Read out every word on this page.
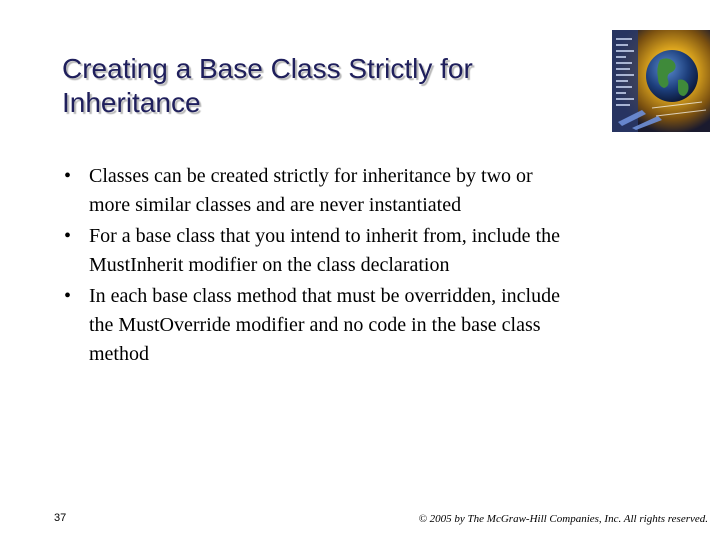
Creating a Base Class Strictly for
Inheritance
• Classes can be created strictly for inheritance by two or
more similar classes and are never instantiated
• For a base class that you intend to inherit from, include the
MustInherit modifier on the class declaration
• In each base class method that must be overridden, include
the MustOverride modifier and no code in the base class
method
37	© 2005 by The McGraw-Hill Companies, Inc. All rights reserved.
